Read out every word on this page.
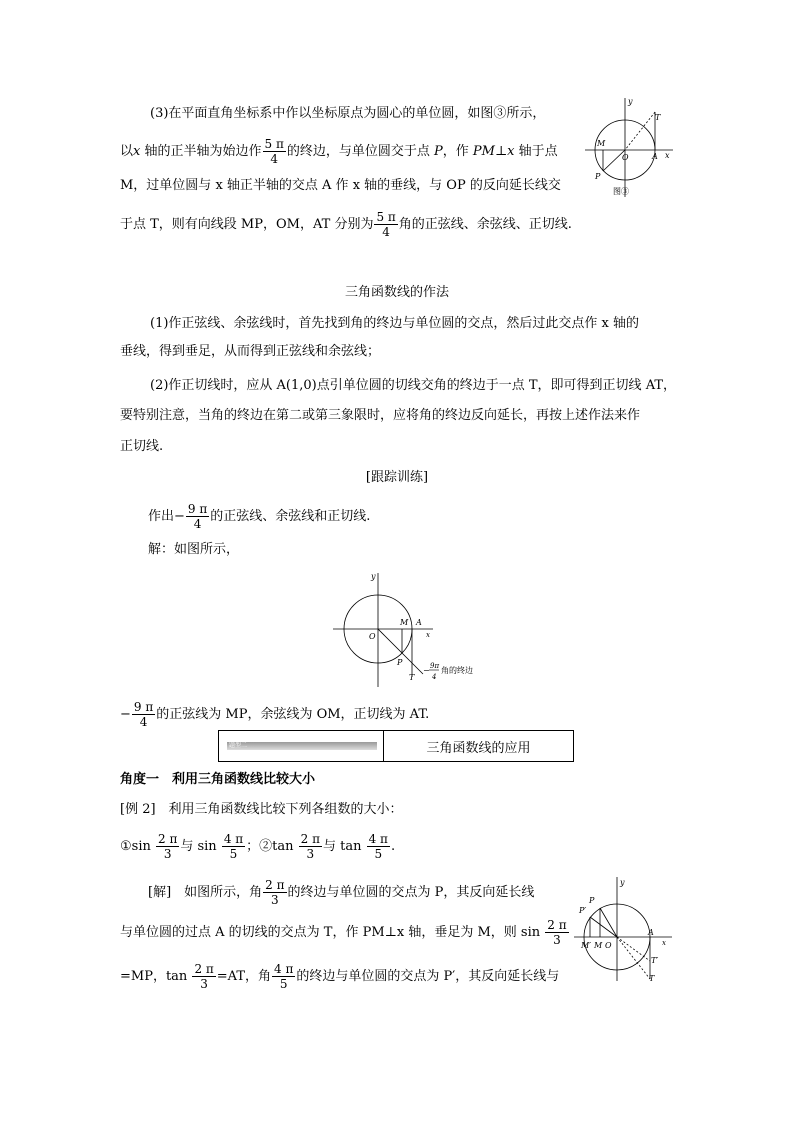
(3)在平面直角坐标系中作以坐标原点为圆心的单位圆，如图③所示，
以x 轴的正半轴为始边作 $\frac{5 \pi}{4}$ 的终边，与单位圆交于点 P，作 PM⊥x 轴于点
M，过单位圆与 x 轴正半轴的交点 A 作 x 轴的垂线，与 OP 的反向延长线交
于点 T，则有向线段 MP，OM，AT 分别为 $\frac{5 \pi}{4}$ 角的正弦线、余弦线、正切线.
y
T
M
O	A x
P
图③
三角函数线的作法
(1)作正弦线、余弦线时，首先找到角的终边与单位圆的交点，然后过此交点作 x 轴的
垂线，得到垂足，从而得到正弦线和余弦线；
(2)作正切线时，应从 A(1,0)点引单位圆的切线交角的终边于一点 T，即可得到正切线 AT，
要特别注意，当角的终边在第二或第三象限时，应将角的终边反向延长，再按上述作法来作
正切线.
[跟踪训练]
作出− $\frac{9 \pi}{4}$ 的正弦线、余弦线和正切线.
解：如图所示，
y
M A
O	x
P
T
− 9π
4
角的终边
− $\frac{9 \pi}{4}$ 的正弦线为 MP，余弦线为 OM，正切线为 AT.
题型二	三角函数线的应用
角度一　利用三角函数线比较大小
[例 2]　利用三角函数线比较下列各组数的大小：
①sin $\frac{2 \pi}{3}$ 与 $\sin \frac{4 \pi}{5}$ ；②tan $\frac{2 \pi}{3}$ 与 $\tan \frac{4 \pi}{5}$ .
[解]　如图所示，角 $\frac{2 \pi}{3}$ 的终边与单位圆的交点为 P，其反向延长线
与单位圆的过点 A 的切线的交点为 T，作 PM⊥x 轴，垂足为 M，则 $\sin \frac{2 \pi}{3}$
=MP，$\tan \frac{2 \pi}{3} =AT$，角 $\frac{4 \pi}{5}$ 的终边与单位圆的交点为 P′，其反向延长线与
y
P′
P
M′ M O
A
x
T′
T
